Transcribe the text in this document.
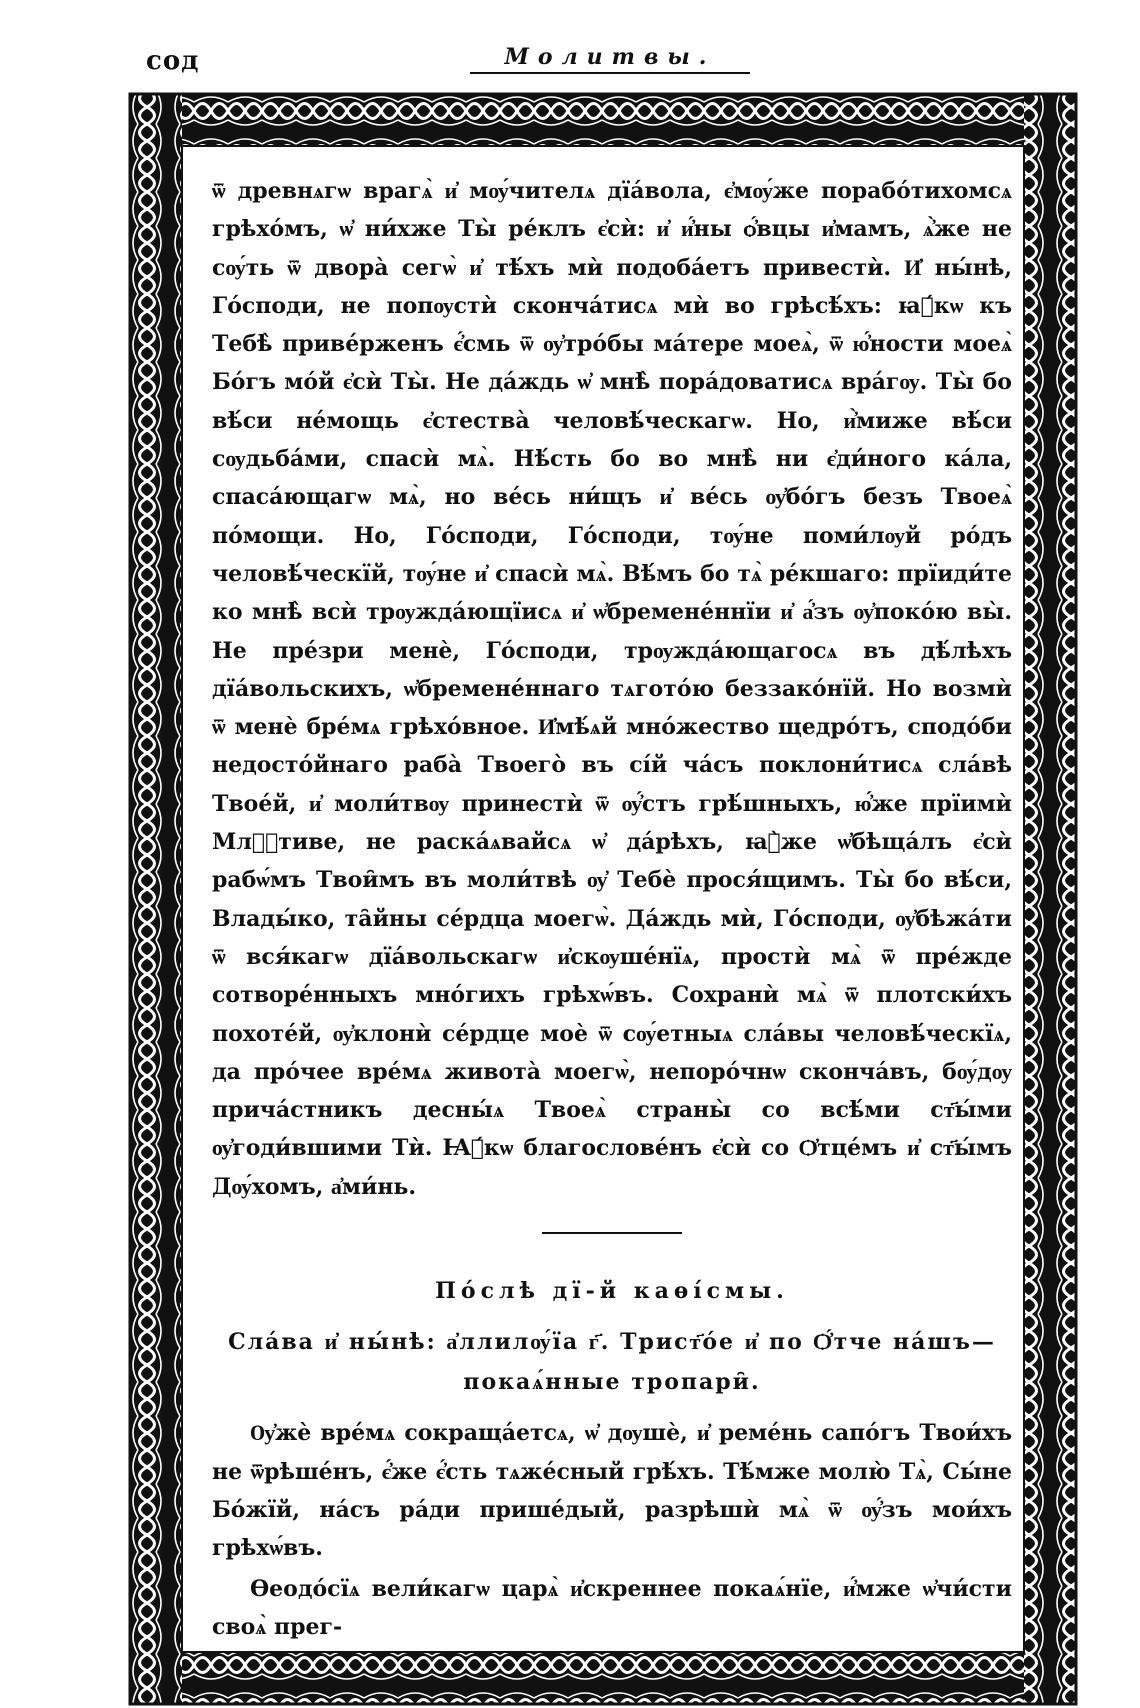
сод	Молитвы.

ѿ древнѧгѡ врагѧ̀ и҆ мѹ́чителѧ дїа́вола, є҆мѹ́же порабо́тихомсѧ грѣхо́мъ, ѡ҆ ни́хже Ты̀ ре́клъ є҆сѝ: и҆ и҆́ны ѻ҆́вцы и҆мамъ, ѧ҆̀же не сѹ́ть ѿ двора̀ сегѡ̀ и҆ тѣ́хъ мѝ подоба́етъ привестѝ. И҆ ны́нѣ, Го́споди, не попѹстѝ сконча́тисѧ мѝ во грѣсѣ́хъ: ꙗ҆́кѡ къ Тебѣ̀ приве́рженъ є҆́смь ѿ ѹ҆тро́бы ма́тере моеѧ̀, ѿ ю҆́ности моеѧ̀ Бо́гъ мо́й є҆сѝ Ты̀. Не да́ждь ѡ҆ мнѣ̀ пора́доватисѧ вра́гѹ. Ты̀ бо вѣ́си не́мощь є҆стества̀ человѣ́ческагѡ. Но, и҆̀миже вѣ́си сѹдьба́ми, спасѝ мѧ̀. Нѣ́сть бо во мнѣ̀ ни є҆ди́ного ка́ла, спаса́ющагѡ мѧ̀, но ве́сь ни́щъ и҆ ве́сь ѹ҆бо́гъ безъ Твоеѧ̀ по́мощи. Но, Го́споди, Го́споди, тѹ́не поми́лѹй ро́дъ человѣ́ческїй, тѹ́не и҆ спасѝ мѧ̀. Вѣ́мъ бо тѧ̀ ре́кшаго: прїиди́те ко мнѣ̀ всѝ трѹжда́ющїисѧ и҆ ѡ҆бремене́ннїи и҆ а҆́зъ ѹ҆поко́ю вы̀. Не пре́зри менѐ, Го́споди, трѹжда́ющагосѧ въ дѣ́лѣхъ дїа́вольскихъ, ѡ҆бремене́ннаго тѧгото́ю беззако́нїй. Но возмѝ ѿ менѐ бре́мѧ грѣхо́вное. И҆мѣ́ѧй мно́жество щедро́тъ, сподо́би недосто́йнаго раба̀ Твоего̀ въ сі́й ча́съ поклони́тисѧ сла́вѣ Твое́й, и҆ моли́твѹ принестѝ ѿ ѹ҆́стъ грѣ́шныхъ, ю҆́же прїимѝ Млⷭ҇тиве, не раска́ѧвайсѧ ѡ҆ да́рѣхъ, ꙗ҆̀же ѡ҆бѣща́лъ є҆сѝ рабѡ́мъ Твои̑мъ въ моли́твѣ ѹ҆ Тебѐ прося́щимъ. Ты̀ бо вѣ́си, Влады́ко, та̑йны се́рдца моегѡ̀. Да́ждь мѝ, Го́споди, ѹ҆бѣжа́ти ѿ вся́кагѡ дїа́вольскагѡ и҆скѹше́нїѧ, простѝ мѧ̀ ѿ пре́жде сотворе́нныхъ мно́гихъ грѣхѡ́въ. Сохранѝ мѧ̀ ѿ плотски́хъ похоте́й, ѹ҆клонѝ се́рдце моѐ ѿ сѹ́етныѧ сла́вы человѣ́ческїѧ, да про́чее вре́мѧ живота̀ моегѡ̀, непоро́чнѡ сконча́въ, бѹ́дѹ прича́стникъ десны́ѧ Твоеѧ̀ страны̀ со всѣ́ми ст҃ы́ми ѹ҆годи́вшими Тѝ. Ꙗ҆́кѡ благослове́нъ є҆сѝ со Ѻ҆тце́мъ и҆ ст҃ы́мъ Дѹ́хомъ, а҆ми́нь.

По́слѣ дї-й каѳі́смы.

Сла́ва и҆ ны́нѣ: а҆ллилѹ́їа г҃. Трист҃о́е и҆ по Ѻ҆́тче на́шъ— покаѧ́нные тропари̑.

Ѹ҆жѐ вре́мѧ сокраща́етсѧ, ѡ҆ дѹшѐ, и҆ реме́нь сапо́гъ Твои́хъ не ѿрѣше́нъ, є҆́же є҆́сть тѧже́сный грѣ́хъ. Тѣ́мже молю̀ Тѧ̀, Сы́не Бо́жїй, на́съ ра́ди прише́дый, разрѣшѝ мѧ̀ ѿ ѹ҆́зъ мои́хъ грѣхѡ́въ.

Ѳеодо́сїѧ вели́кагѡ царѧ̀ и҆скреннее покаѧ́нїе, и҆́мже ѡ҆чи́сти своѧ̀ прег-
